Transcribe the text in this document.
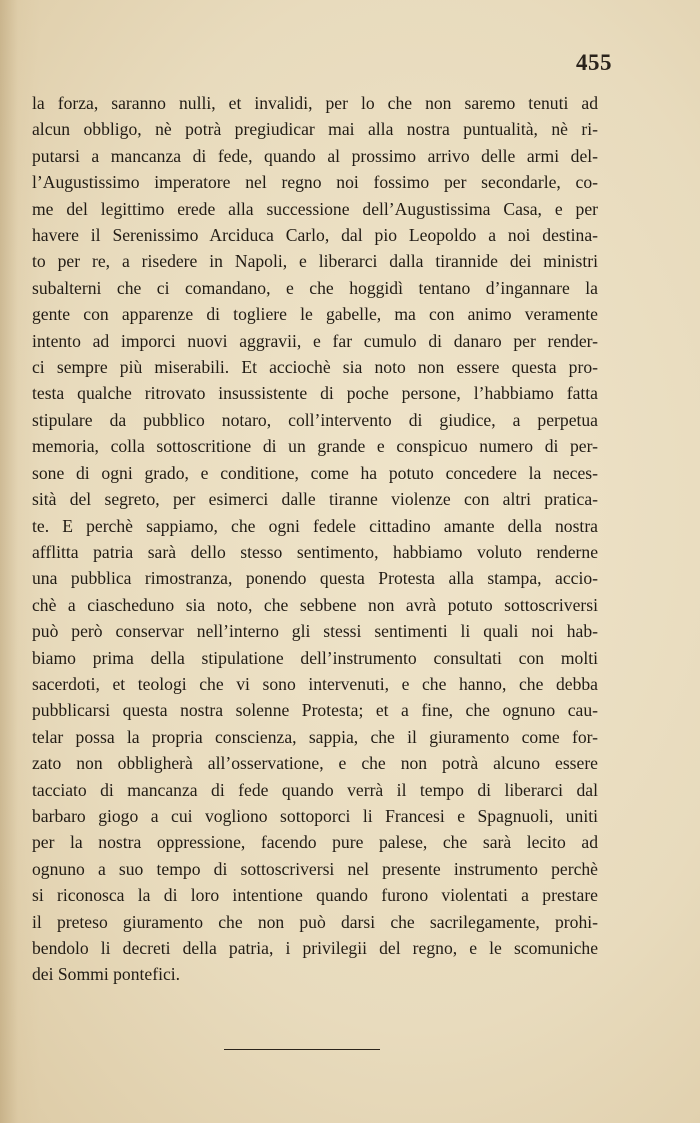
455
la forza, saranno nulli, et invalidi, per lo che non saremo tenuti ad
alcun obbligo, nè potrà pregiudicar mai alla nostra puntualità, nè ri-
putarsi a mancanza di fede, quando al prossimo arrivo delle armi del-
l’Augustissimo imperatore nel regno noi fossimo per secondarle, co-
me del legittimo erede alla successione dell’Augustissima Casa, e per
havere il Serenissimo Arciduca Carlo, dal pio Leopoldo a noi destina-
to per re, a risedere in Napoli, e liberarci dalla tirannide dei ministri
subalterni che ci comandano, e che hoggidì tentano d’ingannare la
gente con apparenze di togliere le gabelle, ma con animo veramente
intento ad imporci nuovi aggravii, e far cumulo di danaro per render-
ci sempre più miserabili. Et acciochè sia noto non essere questa pro-
testa qualche ritrovato insussistente di poche persone, l’habbiamo fatta
stipulare da pubblico notaro, coll’intervento di giudice, a perpetua
memoria, colla sottoscritione di un grande e conspicuo numero di per-
sone di ogni grado, e conditione, come ha potuto concedere la neces-
sità del segreto, per esimerci dalle tiranne violenze con altri pratica-
te. E perchè sappiamo, che ogni fedele cittadino amante della nostra
afflitta patria sarà dello stesso sentimento, habbiamo voluto renderne
una pubblica rimostranza, ponendo questa Protesta alla stampa, accio-
chè a ciascheduno sia noto, che sebbene non avrà potuto sottoscriversi
può però conservar nell’interno gli stessi sentimenti li quali noi hab-
biamo prima della stipulatione dell’instrumento consultati con molti
sacerdoti, et teologi che vi sono intervenuti, e che hanno, che debba
pubblicarsi questa nostra solenne Protesta; et a fine, che ognuno cau-
telar possa la propria conscienza, sappia, che il giuramento come for-
zato non obbligherà all’osservatione, e che non potrà alcuno essere
tacciato di mancanza di fede quando verrà il tempo di liberarci dal
barbaro giogo a cui vogliono sottoporci li Francesi e Spagnuoli, uniti
per la nostra oppressione, facendo pure palese, che sarà lecito ad
ognuno a suo tempo di sottoscriversi nel presente instrumento perchè
si riconosca la di loro intentione quando furono violentati a prestare
il preteso giuramento che non può darsi che sacrilegamente, prohi-
bendolo li decreti della patria, i privilegii del regno, e le scomuniche
dei Sommi pontefici.
